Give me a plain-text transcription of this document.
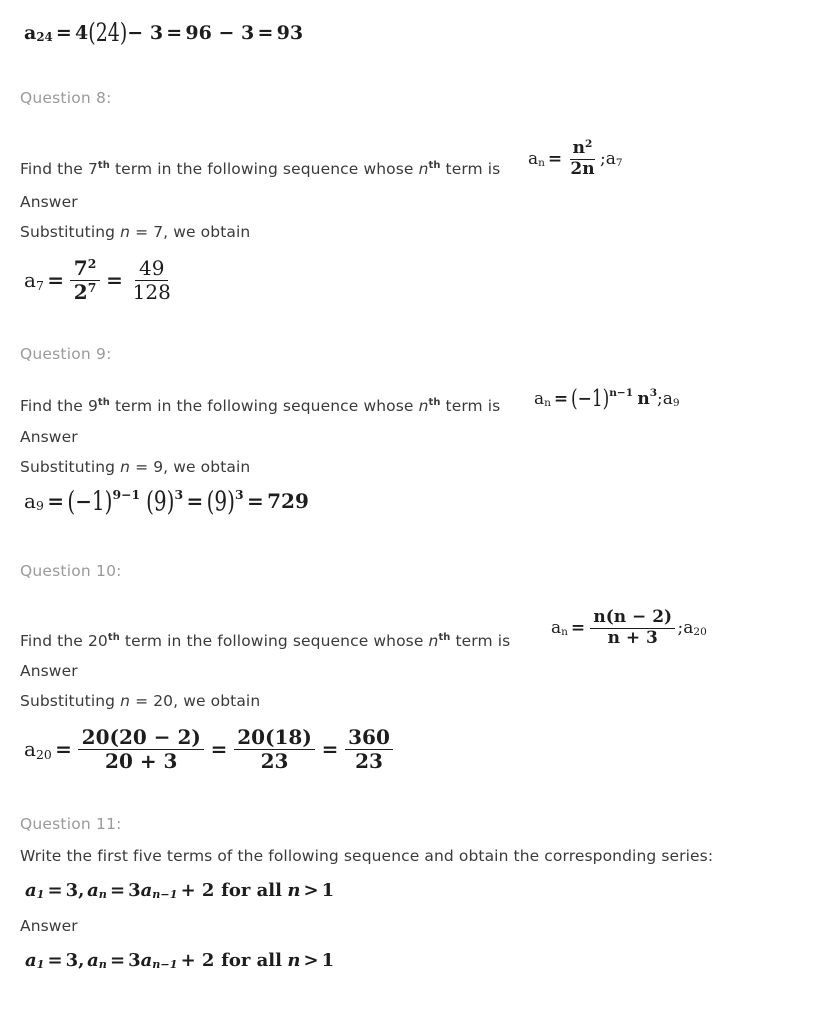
a 24 = 4 (24) − 3 = 96 − 3 = 93
Question 8:
Find the 7th term in the following sequence whose $n^{th}$ term is a $n = \frac{n^2}{2n}$ ; a 7
Answer
Substituting n = 7, we obtain
a $7 = \frac{7^2}{2^7} = \frac{49}{128}$
Question 9:
Find the 9th term in the following sequence whose $n^{th}$ term is a n = (−1) n−1 n 3 ; a 9
Answer
Substituting n = 9, we obtain
a 9 = (−1) 9−1 (9) 3 = (9) 3 = 729
Question 10:
Find the 20th term in the following sequence whose $n^{th}$ term is
a $n = \frac{n(n - 2)}{n + 3}$ ; a 20
Answer
Substituting n = 20, we obtain
a $20 = \frac{20(20 - 2)}{20 + 3} = \frac{20(18)}{23} = \frac{360}{23}$
Question 11:
Write the first five terms of the following sequence and obtain the corresponding series:
a 1 = 3, a n = 3 a n−1 + 2 for all n > 1
Answer
a 1 = 3, a n = 3 a n−1 + 2 for all n > 1
